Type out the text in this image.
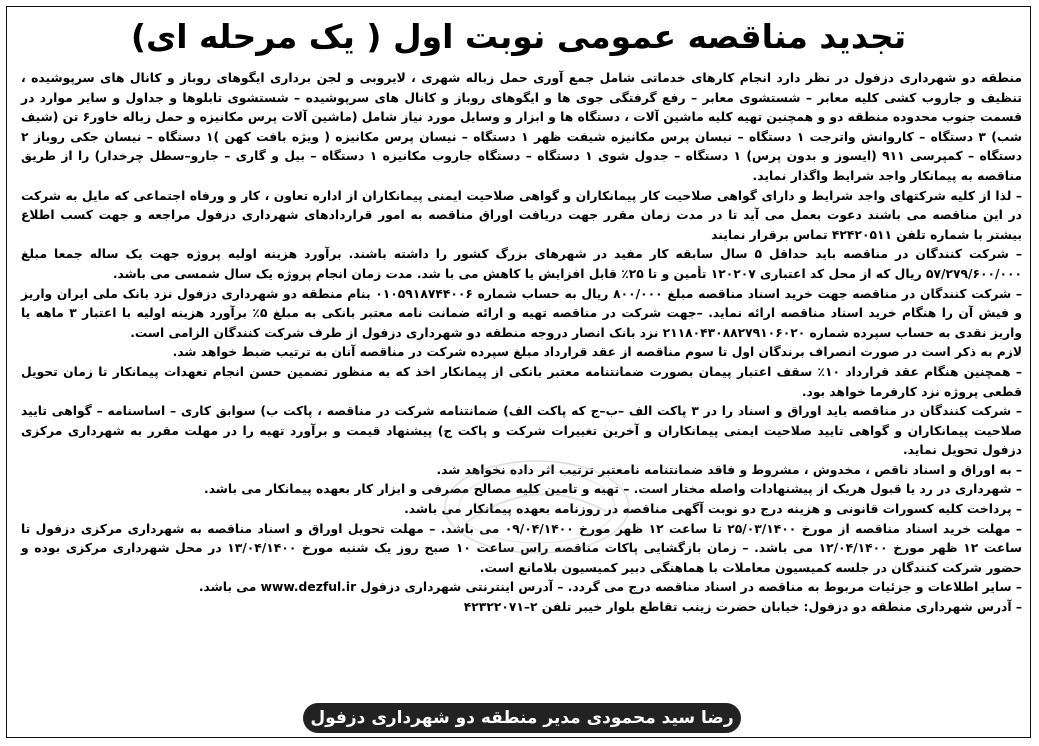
تجدید مناقصه عمومی نوبت اول ( یک مرحله ای)

منطقه دو شهرداری دزفول در نظر دارد انجام کارهای خدماتی شامل جمع آوری حمل زباله شهری ، لایروبی و لجن برداری ایگوهای روباز و کانال های سرپوشیده ، تنظیف و جاروب کشی کلیه معابر – شستشوی معابر – رفع گرفتگی جوی ها و ایگوهای روباز و کانال های سرپوشیده – شستشوی تابلوها و جداول و سایر موارد در قسمت جنوب محدوده منطقه دو و همچنین تهیه کلیه ماشین آلات ، دستگاه ها و ابزار و وسایل مورد نیاز شامل (ماشین آلات پرس مکانیزه و حمل زباله خاور۶ تن (شیف شب) ۳ دستگاه – کاروانش واترجت ۱ دستگاه – نیسان پرس مکانیزه شیفت ظهر ۱ دستگاه – نیسان پرس مکانیزه ( ویژه بافت کهن )۱ دستگاه – نیسان جکی روباز ۲ دستگاه – کمپرسی ۹۱۱ (ایسوز و بدون پرس) ۱ دستگاه – جدول شوی ۱ دستگاه – دستگاه جاروب مکانیزه ۱ دستگاه – بیل و گاری – جارو–سطل چرخدار) را از طریق مناقصه به پیمانکار واجد شرایط واگذار نماید.

– لذا از کلیه شرکتهای واجد شرایط و دارای گواهی صلاحیت کار پیمانکاران و گواهی صلاحیت ایمنی پیمانکاران از اداره تعاون ، کار و ورفاه اجتماعی که مایل به شرکت در این مناقصه می باشند دعوت بعمل می آید تا در مدت زمان مقرر جهت دریافت اوراق مناقصه به امور قراردادهای شهرداری دزفول مراجعه و جهت کسب اطلاع بیشتر با شماره تلفن ۴۲۴۲۰۵۱۱ تماس برقرار نمایند

– شرکت کنندگان در مناقصه باید حداقل ۵ سال سابقه کار مفید در شهرهای بزرگ کشور را داشته باشند. برآورد هزینه اولیه پروژه جهت یک ساله جمعا مبلغ ۵۷/۲۷۹/۶۰۰/۰۰۰ ریال که از محل کد اعتباری ۱۲۰۲۰۷ تأمین و تا ۲۵٪ قابل افزایش یا کاهش می با شد. مدت زمان انجام پروژه یک سال شمسی می باشد.

– شرکت کنندگان در مناقصه جهت خرید اسناد مناقصه مبلغ ۸۰۰/۰۰۰ ریال به حساب شماره ۰۱۰۵۹۱۸۷۴۴۰۰۶ بنام منطقه دو شهرداری دزفول نزد بانک ملی ایران واریز و فیش آن را هنگام خرید اسناد مناقصه ارائه نماید. –جهت شرکت در مناقصه تهیه و ارائه ضمانت نامه معتبر بانکی به مبلغ ۵٪ برآورد هزینه اولیه با اعتبار ۳ ماهه یا واریز نقدی به حساب سپرده شماره ۲۱۱۸۰۴۳۰۸۸۲۷۹۱۰۶۰۲۰ نزد بانک انصار دروجه منطقه دو شهرداری دزفول از طرف شرکت کنندگان الزامی است.

لازم به ذکر است در صورت انصراف برندگان اول تا سوم مناقصه از عقد قرارداد مبلغ سپرده شرکت در مناقصه آنان به ترتیب ضبط خواهد شد.

– همچنین هنگام عقد قرارداد ۱۰٪ سقف اعتبار پیمان بصورت ضمانتنامه معتبر بانکی از پیمانکار اخذ که به منظور تضمین حسن انجام تعهدات پیمانکار تا زمان تحویل قطعی پروژه نزد کارفرما خواهد بود.

– شرکت کنندگان در مناقصه باید اوراق و اسناد را در ۳ پاکت الف –ب–ج که پاکت الف) ضمانتنامه شرکت در مناقصه ، پاکت ب) سوابق کاری – اساسنامه – گواهی تایید صلاحیت پیمانکاران و گواهی تایید صلاحیت ایمنی پیمانکاران و آخرین تغییرات شرکت و پاکت ج) پیشنهاد قیمت و برآورد تهیه را در مهلت مقرر به شهرداری مرکزی دزفول تحویل نماید.

– به اوراق و اسناد ناقص ، مخدوش ، مشروط و فاقد ضمانتنامه نامعتبر ترتیب اثر داده نخواهد شد.

– شهرداری در رد یا قبول هریک از پیشنهادات واصله مختار است. – تهیه و تامین کلیه مصالح مصرفی و ابزار کار بعهده پیمانکار می باشد.

– پرداخت کلیه کسورات قانونی و هزینه درج دو نوبت آگهی مناقصه در روزنامه بعهده پیمانکار می باشد.

– مهلت خرید اسناد مناقصه از مورخ ۲۵/۰۳/۱۴۰۰ تا ساعت ۱۲ ظهر مورخ ۰۹/۰۴/۱۴۰۰ می باشد. – مهلت تحویل اوراق و اسناد مناقصه به شهرداری مرکزی دزفول تا ساعت ۱۲ ظهر مورخ ۱۲/۰۴/۱۴۰۰ می باشد. – زمان بازگشایی پاکات مناقصه راس ساعت ۱۰ صبح روز یک شنبه مورخ ۱۳/۰۴/۱۴۰۰ در محل شهرداری مرکزی بوده و حضور شرکت کنندگان در جلسه کمیسیون معاملات با هماهنگی دبیر کمیسیون بلامانع است.

– سایر اطلاعات و جزئیات مربوط به مناقصه در اسناد مناقصه درج می گردد. – آدرس اینترنتی شهرداری دزفول www.dezful.ir می باشد.

– آدرس شهرداری منطقه دو دزفول: خیابان حضرت زینب تقاطع بلوار خیبر تلفن ۲–۴۲۳۲۲۰۷۱

رضا سید محمودی مدیر منطقه دو شهرداری دزفول
